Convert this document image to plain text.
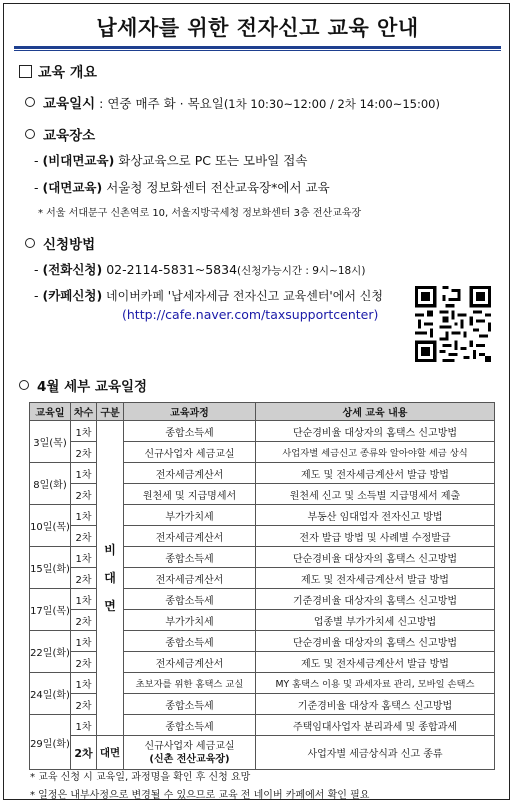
납세자를 위한 전자신고 교육 안내
교육 개요
교육일시 : 연중 매주 화 · 목요일(1차 10:30~12:00 / 2차 14:00~15:00)
교육장소
- (비대면교육) 화상교육으로 PC 또는 모바일 접속
- (대면교육) 서울청 정보화센터 전산교육장*에서 교육
* 서울 서대문구 신촌역로 10, 서울지방국세청 정보화센터 3층 전산교육장
신청방법
- (전화신청) 02-2114-5831~5834(신청가능시간 : 9시~18시)
- (카페신청) 네이버카페 '납세자세금 전자신고 교육센터'에서 신청
(http://cafe.naver.com/taxsupportcenter)
4월 세부 교육일정
교육일	차수	구분	교육과정	상세 교육 내용
3일(목)	1차	비대면	종합소득세	단순경비율 대상자의 홈택스 신고방법
	2차		신규사업자 세금교실	사업자별 세금신고 종류와 알아야할 세금 상식
8일(화)	1차		전자세금계산서	제도 및 전자세금계산서 발급 방법
	2차		원천세 및 지급명세서	원천세 신고 및 소득별 지급명세서 제출
10일(목)	1차		부가가치세	부동산 임대업자 전자신고 방법
	2차		전자세금계산서	전자 발급 방법 및 사례별 수정발급
15일(화)	1차		종합소득세	단순경비율 대상자의 홈택스 신고방법
	2차		전자세금계산서	제도 및 전자세금계산서 발급 방법
17일(목)	1차		종합소득세	기준경비율 대상자의 홈택스 신고방법
	2차		부가가치세	업종별 부가가치세 신고방법
22일(화)	1차		종합소득세	단순경비율 대상자의 홈택스 신고방법
	2차		전자세금계산서	제도 및 전자세금계산서 발급 방법
24일(화)	1차		초보자를 위한 홈택스 교실	MY 홈택스 이용 및 과세자료 관리, 모바일 손택스
	2차		종합소득세	기준경비율 대상자 홈택스 신고방법
29일(화)	1차		종합소득세	주택임대사업자 분리과세 및 종합과세
	2차	대면	신규사업자 세금교실
(신촌 전산교육장)	사업자별 세금상식과 신고 종류
* 교육 신청 시 교육일, 과정명을 확인 후 신청 요망
* 일정은 내부사정으로 변경될 수 있으므로 교육 전 네이버 카페에서 확인 필요
